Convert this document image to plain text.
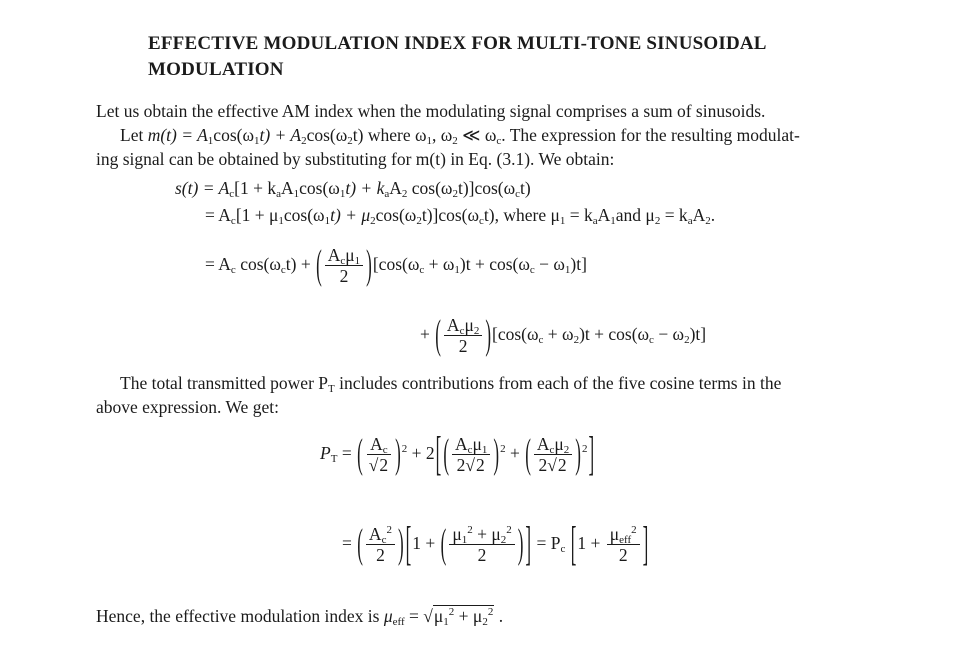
EFFECTIVE MODULATION INDEX FOR MULTI-TONE SINUSOIDAL
MODULATION
Let us obtain the effective AM index when the modulating signal comprises a sum of sinusoids.
Let $m(t) = A_1\cos(\omega_1t) + A_2\cos(\omega_2t)$ where $\omega_1$, $\omega_2$ ≪ $\omega_c$. The expression for the resulting modulat-
ing signal can be obtained by substituting for m(t) in Eq. (3.1). We obtain:
$s(t) = A_c[1 + k_aA_1\cos(\omega_1t) + k_aA_2$ $\cos(\omega_2t)]\cos(\omega_ct)$
= $A_c[1 + \mu_1\cos(\omega_1t) + \mu_2\cos(\omega_2t)]\cos(\omega_ct)$, where $\mu_1 = k_aA_1and$ $\mu_2 = k_aA_2$.
= $A_c$ $\cos(\omega_ct)$ + ( $\frac{A_c\mu_1}{2} )[\cos(\omega_c + \omega_1)t + \cos(\omega_c - \omega_1)t]$
+ ( $\frac{A_c\mu_2}{2} )[\cos(\omega_c + \omega_2)t + \cos(\omega_c - \omega_2)t]$
The total transmitted power $P_T$ includes contributions from each of the five cosine terms in the
above expression. We get:
$P_T$ = ( $\frac{A_c}{√2} )^2 + 2$[ ( $\frac{A_c\mu_1}{2√2} )^2$ + ( $\frac{A_c\mu_2}{2√2} )^2$]
= ( $\frac{A_c^2}{2}$ ) [1 + ( $\frac{\mu_1^2 + \mu_2^2}{2}$ ) ] = $P_c$ [$1 + \frac{\mu_{eff}^2}{2}$ ]
Hence, the effective modulation index is $\mu_{eff} = √\mu_1^2 + \mu_2^2$ .
